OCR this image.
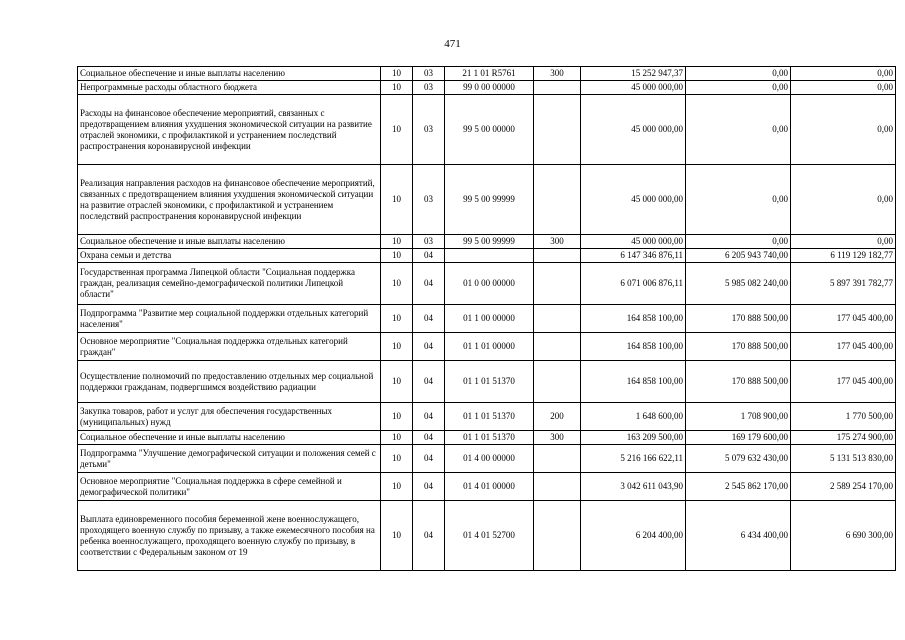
471
Социальное обеспечение и иные выплаты населению	10	03	21 1 01 R5761	300	15 252 947,37	0,00	0,00
Непрограммные расходы областного бюджета	10	03	99 0 00 00000		45 000 000,00	0,00	0,00
Расходы на финансовое обеспечение мероприятий, связанных с предотвращением влияния ухудшения экономической ситуации на развитие отраслей экономики, с профилактикой и устранением последствий распространения коронавирусной инфекции	10	03	99 5 00 00000		45 000 000,00	0,00	0,00
Реализация направления расходов на финансовое обеспечение мероприятий, связанных с предотвращением влияния ухудшения экономической ситуации на развитие отраслей экономики, с профилактикой и устранением последствий распространения коронавирусной инфекции	10	03	99 5 00 99999		45 000 000,00	0,00	0,00
Социальное обеспечение и иные выплаты населению	10	03	99 5 00 99999	300	45 000 000,00	0,00	0,00
Охрана семьи и детства	10	04			6 147 346 876,11	6 205 943 740,00	6 119 129 182,77
Государственная программа Липецкой области "Социальная поддержка граждан, реализация семейно-демографической политики Липецкой области"	10	04	01 0 00 00000		6 071 006 876,11	5 985 082 240,00	5 897 391 782,77
Подпрограмма "Развитие мер социальной поддержки отдельных категорий населения"	10	04	01 1 00 00000		164 858 100,00	170 888 500,00	177 045 400,00
Основное мероприятие "Социальная поддержка отдельных категорий граждан"	10	04	01 1 01 00000		164 858 100,00	170 888 500,00	177 045 400,00
Осуществление полномочий по предоставлению отдельных мер социальной поддержки гражданам, подвергшимся воздействию радиации	10	04	01 1 01 51370		164 858 100,00	170 888 500,00	177 045 400,00
Закупка товаров, работ и услуг для обеспечения государственных (муниципальных) нужд	10	04	01 1 01 51370	200	1 648 600,00	1 708 900,00	1 770 500,00
Социальное обеспечение и иные выплаты населению	10	04	01 1 01 51370	300	163 209 500,00	169 179 600,00	175 274 900,00
Подпрограмма "Улучшение демографической ситуации и положения семей с детьми"	10	04	01 4 00 00000		5 216 166 622,11	5 079 632 430,00	5 131 513 830,00
Основное мероприятие "Социальная поддержка в сфере семейной и демографической политики"	10	04	01 4 01 00000		3 042 611 043,90	2 545 862 170,00	2 589 254 170,00
Выплата единовременного пособия беременной жене военнослужащего, проходящего военную службу по призыву, а также ежемесячного пособия на ребенка военнослужащего, проходящего военную службу по призыву, в соответствии с Федеральным законом от 19	10	04	01 4 01 52700		6 204 400,00	6 434 400,00	6 690 300,00
